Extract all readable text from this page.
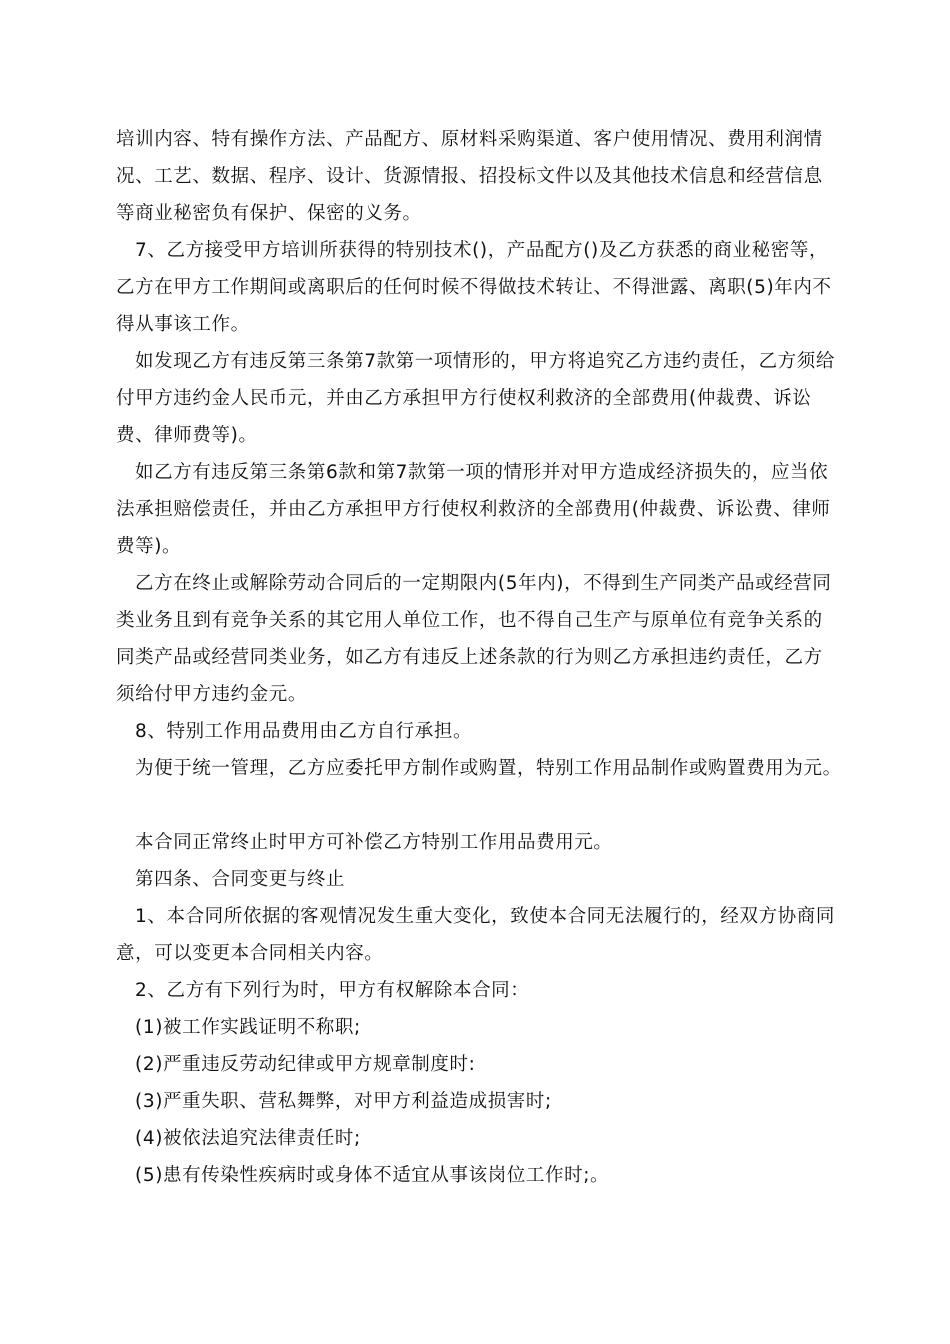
培训内容、特有操作方法、产品配方、原材料采购渠道、客户使用情况、费用利润情况、工艺、数据、程序、设计、货源情报、招投标文件以及其他技术信息和经营信息等商业秘密负有保护、保密的义务。

7、乙方接受甲方培训所获得的特别技术()，产品配方()及乙方获悉的商业秘密等，乙方在甲方工作期间或离职后的任何时候不得做技术转让、不得泄露、离职(5)年内不得从事该工作。

如发现乙方有违反第三条第7款第一项情形的，甲方将追究乙方违约责任，乙方须给付甲方违约金人民币元，并由乙方承担甲方行使权利救济的全部费用(仲裁费、诉讼费、律师费等)。

如乙方有违反第三条第6款和第7款第一项的情形并对甲方造成经济损失的，应当依法承担赔偿责任，并由乙方承担甲方行使权利救济的全部费用(仲裁费、诉讼费、律师费等)。

乙方在终止或解除劳动合同后的一定期限内(5年内)，不得到生产同类产品或经营同类业务且到有竞争关系的其它用人单位工作，也不得自己生产与原单位有竞争关系的同类产品或经营同类业务，如乙方有违反上述条款的行为则乙方承担违约责任，乙方须给付甲方违约金元。

8、特别工作用品费用由乙方自行承担。

为便于统一管理，乙方应委托甲方制作或购置，特别工作用品制作或购置费用为元。

本合同正常终止时甲方可补偿乙方特别工作用品费用元。

第四条、合同变更与终止

1、本合同所依据的客观情况发生重大变化，致使本合同无法履行的，经双方协商同意，可以变更本合同相关内容。

2、乙方有下列行为时，甲方有权解除本合同：

(1)被工作实践证明不称职;

(2)严重违反劳动纪律或甲方规章制度时:

(3)严重失职、营私舞弊，对甲方利益造成损害时;

(4)被依法追究法律责任时;

(5)患有传染性疾病时或身体不适宜从事该岗位工作时;。
